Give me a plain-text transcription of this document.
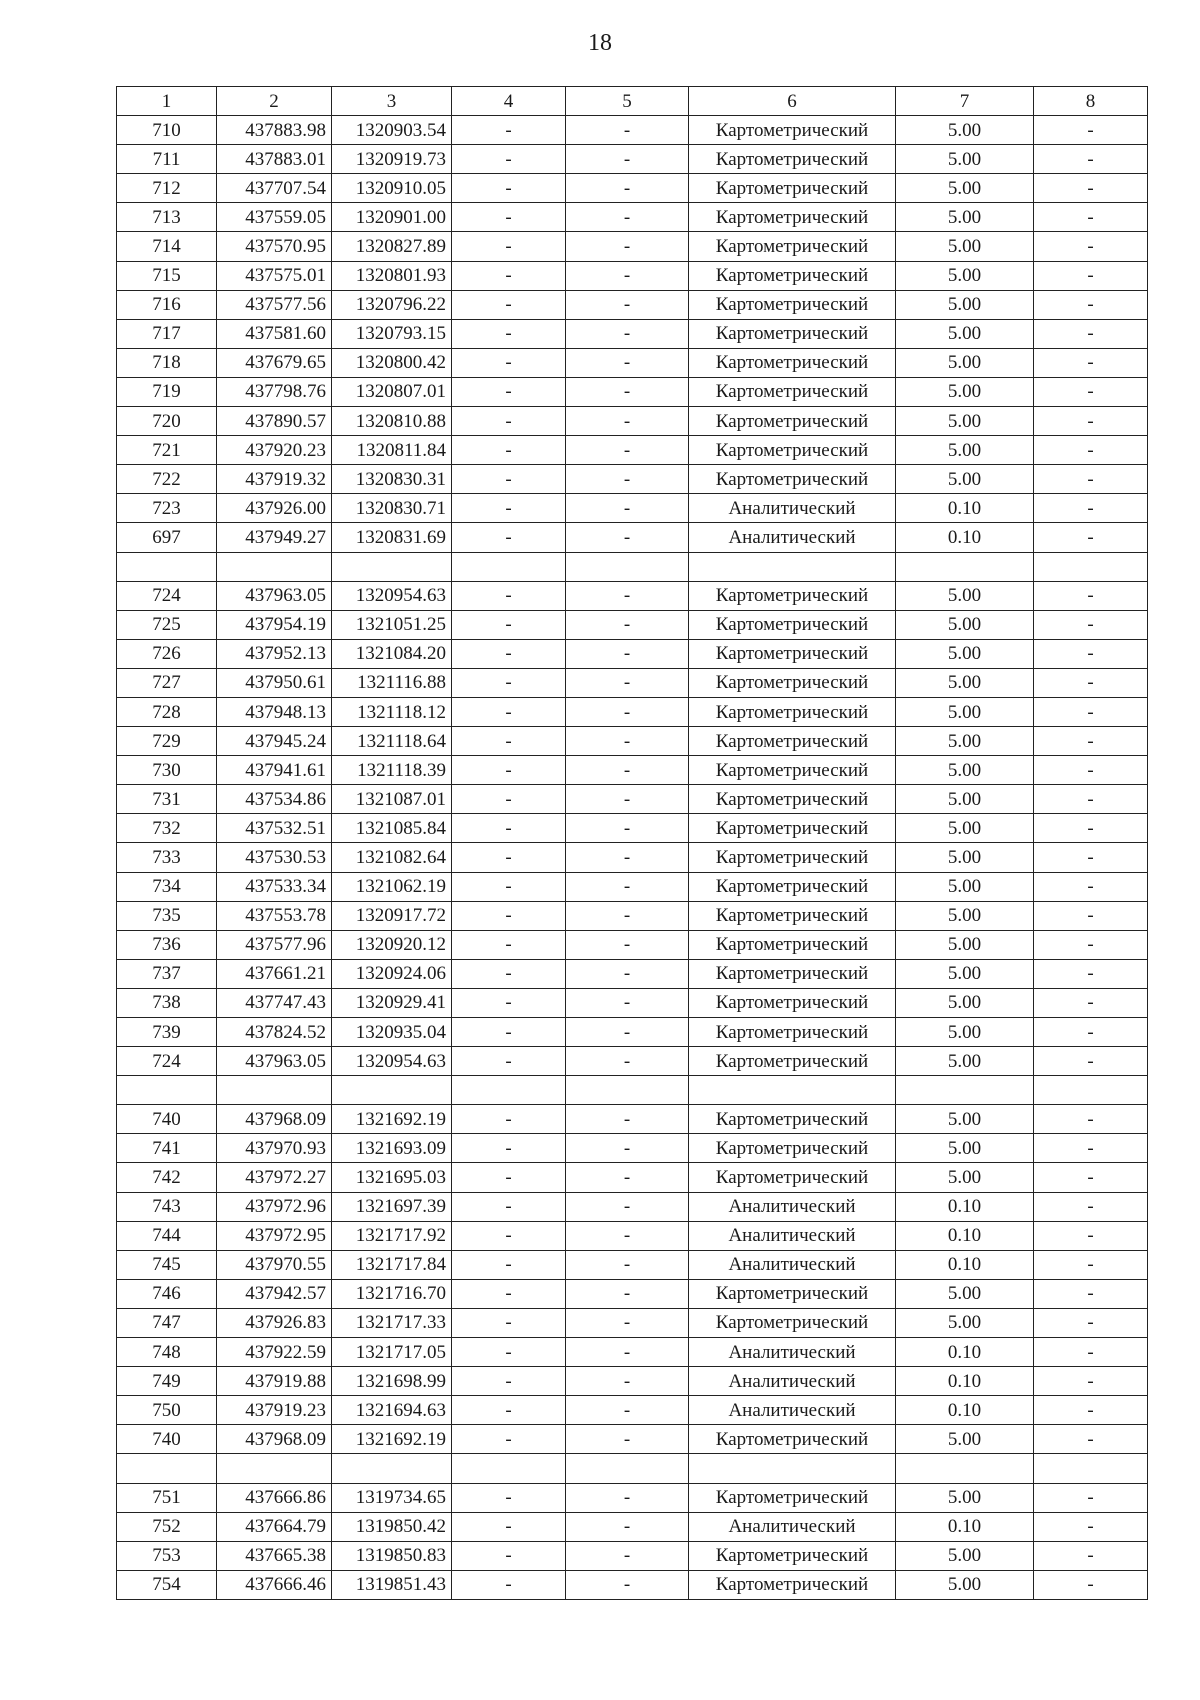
18
1	2	3	4	5	6	7	8
710	437883.98	1320903.54	-	-	Картометрический	5.00	-
711	437883.01	1320919.73	-	-	Картометрический	5.00	-
712	437707.54	1320910.05	-	-	Картометрический	5.00	-
713	437559.05	1320901.00	-	-	Картометрический	5.00	-
714	437570.95	1320827.89	-	-	Картометрический	5.00	-
715	437575.01	1320801.93	-	-	Картометрический	5.00	-
716	437577.56	1320796.22	-	-	Картометрический	5.00	-
717	437581.60	1320793.15	-	-	Картометрический	5.00	-
718	437679.65	1320800.42	-	-	Картометрический	5.00	-
719	437798.76	1320807.01	-	-	Картометрический	5.00	-
720	437890.57	1320810.88	-	-	Картометрический	5.00	-
721	437920.23	1320811.84	-	-	Картометрический	5.00	-
722	437919.32	1320830.31	-	-	Картометрический	5.00	-
723	437926.00	1320830.71	-	-	Аналитический	0.10	-
697	437949.27	1320831.69	-	-	Аналитический	0.10	-

724	437963.05	1320954.63	-	-	Картометрический	5.00	-
725	437954.19	1321051.25	-	-	Картометрический	5.00	-
726	437952.13	1321084.20	-	-	Картометрический	5.00	-
727	437950.61	1321116.88	-	-	Картометрический	5.00	-
728	437948.13	1321118.12	-	-	Картометрический	5.00	-
729	437945.24	1321118.64	-	-	Картометрический	5.00	-
730	437941.61	1321118.39	-	-	Картометрический	5.00	-
731	437534.86	1321087.01	-	-	Картометрический	5.00	-
732	437532.51	1321085.84	-	-	Картометрический	5.00	-
733	437530.53	1321082.64	-	-	Картометрический	5.00	-
734	437533.34	1321062.19	-	-	Картометрический	5.00	-
735	437553.78	1320917.72	-	-	Картометрический	5.00	-
736	437577.96	1320920.12	-	-	Картометрический	5.00	-
737	437661.21	1320924.06	-	-	Картометрический	5.00	-
738	437747.43	1320929.41	-	-	Картометрический	5.00	-
739	437824.52	1320935.04	-	-	Картометрический	5.00	-
724	437963.05	1320954.63	-	-	Картометрический	5.00	-

740	437968.09	1321692.19	-	-	Картометрический	5.00	-
741	437970.93	1321693.09	-	-	Картометрический	5.00	-
742	437972.27	1321695.03	-	-	Картометрический	5.00	-
743	437972.96	1321697.39	-	-	Аналитический	0.10	-
744	437972.95	1321717.92	-	-	Аналитический	0.10	-
745	437970.55	1321717.84	-	-	Аналитический	0.10	-
746	437942.57	1321716.70	-	-	Картометрический	5.00	-
747	437926.83	1321717.33	-	-	Картометрический	5.00	-
748	437922.59	1321717.05	-	-	Аналитический	0.10	-
749	437919.88	1321698.99	-	-	Аналитический	0.10	-
750	437919.23	1321694.63	-	-	Аналитический	0.10	-
740	437968.09	1321692.19	-	-	Картометрический	5.00	-

751	437666.86	1319734.65	-	-	Картометрический	5.00	-
752	437664.79	1319850.42	-	-	Аналитический	0.10	-
753	437665.38	1319850.83	-	-	Картометрический	5.00	-
754	437666.46	1319851.43	-	-	Картометрический	5.00	-
